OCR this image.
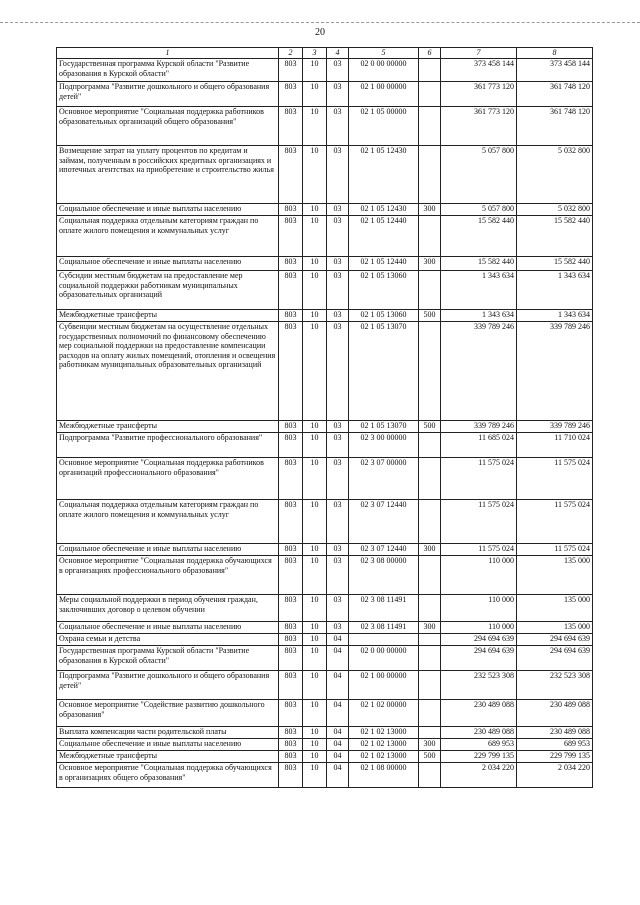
20
1	2	3	4	5	6	7	8
Государственная программа Курской области "Развитие образования в Курской области"	803	10	03	02 0 00 00000		373 458 144	373 458 144
Подпрограмма "Развитие дошкольного и общего образования детей"	803	10	03	02 1 00 00000		361 773 120	361 748 120
Основное мероприятие "Социальная поддержка работников образовательных организаций общего образования"	803	10	03	02 1 05 00000		361 773 120	361 748 120
Возмещение затрат на уплату процентов по кредитам и займам, полученным в российских кредитных организациях и ипотечных агентствах на приобретение и строительство жилья	803	10	03	02 1 05 12430		5 057 800	5 032 800
Социальное обеспечение и иные выплаты населению	803	10	03	02 1 05 12430	300	5 057 800	5 032 800
Социальная поддержка отдельным категориям граждан по оплате жилого помещения и коммунальных услуг	803	10	03	02 1 05 12440		15 582 440	15 582 440
Социальное обеспечение и иные выплаты населению	803	10	03	02 1 05 12440	300	15 582 440	15 582 440
Субсидии местным бюджетам на предоставление мер социальной поддержки работникам муниципальных образовательных организаций	803	10	03	02 1 05 13060		1 343 634	1 343 634
Межбюджетные трансферты	803	10	03	02 1 05 13060	500	1 343 634	1 343 634
Субвенции местным бюджетам на осуществление отдельных государственных полномочий по финансовому обеспечению мер социальной поддержки на предоставление компенсации расходов на оплату жилых помещений, отопления и освещения работникам муниципальных образовательных организаций	803	10	03	02 1 05 13070		339 789 246	339 789 246
Межбюджетные трансферты	803	10	03	02 1 05 13070	500	339 789 246	339 789 246
Подпрограмма "Развитие профессионального образования"	803	10	03	02 3 00 00000		11 685 024	11 710 024
Основное мероприятие "Социальная поддержка работников организаций профессионального образования"	803	10	03	02 3 07 00000		11 575 024	11 575 024
Социальная поддержка отдельным категориям граждан по оплате жилого помещения и коммунальных услуг	803	10	03	02 3 07 12440		11 575 024	11 575 024
Социальное обеспечение и иные выплаты населению	803	10	03	02 3 07 12440	300	11 575 024	11 575 024
Основное мероприятие "Социальная поддержка обучающихся в организациях профессионального образования"	803	10	03	02 3 08 00000		110 000	135 000
Меры социальной поддержки в период обучения граждан, заключивших договор о целевом обучении	803	10	03	02 3 08 11491		110 000	135 000
Социальное обеспечение и иные выплаты населению	803	10	03	02 3 08 11491	300	110 000	135 000
Охрана семьи и детства	803	10	04			294 694 639	294 694 639
Государственная программа Курской области "Развитие образования в Курской области"	803	10	04	02 0 00 00000		294 694 639	294 694 639
Подпрограмма "Развитие дошкольного и общего образования детей"	803	10	04	02 1 00 00000		232 523 308	232 523 308
Основное мероприятие "Содействие развитию дошкольного образования"	803	10	04	02 1 02 00000		230 489 088	230 489 088
Выплата компенсации части родительской платы	803	10	04	02 1 02 13000		230 489 088	230 489 088
Социальное обеспечение и иные выплаты населению	803	10	04	02 1 02 13000	300	689 953	689 953
Межбюджетные трансферты	803	10	04	02 1 02 13000	500	229 799 135	229 799 135
Основное мероприятие "Социальная поддержка обучающихся в организациях общего образования"	803	10	04	02 1 08 00000		2 034 220	2 034 220
